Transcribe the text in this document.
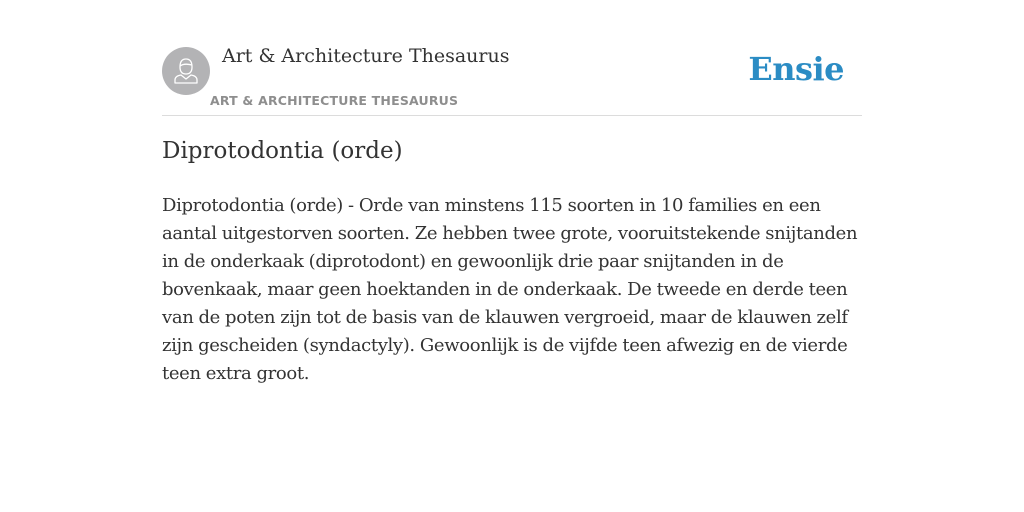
Art & Architecture Thesaurus
ART & ARCHITECTURE THESAURUS
Ensie
Diprotodontia (orde)

Diprotodontia (orde) - Orde van minstens 115 soorten in 10 families en een aantal uitgestorven soorten. Ze hebben twee grote, vooruitstekende snijtanden in de onderkaak (diprotodont) en gewoonlijk drie paar snijtanden in de bovenkaak, maar geen hoektanden in de onderkaak. De tweede en derde teen van de poten zijn tot de basis van de klauwen vergroeid, maar de klauwen zelf zijn gescheiden (syndactyly). Gewoonlijk is de vijfde teen afwezig en de vierde teen extra groot.
